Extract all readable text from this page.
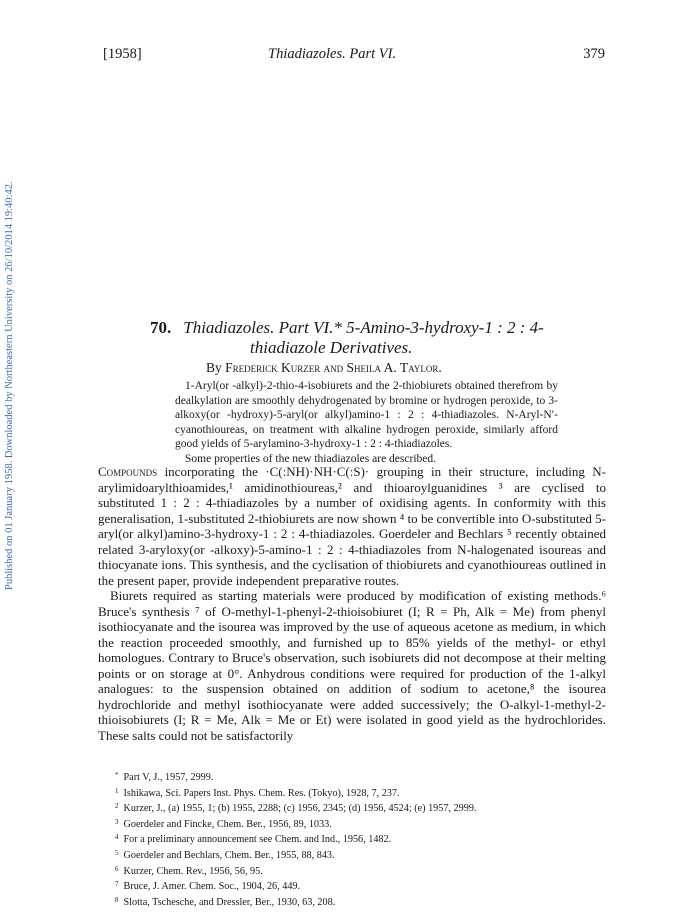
Published on 01 January 1958. Downloaded by Northeastern University on 26/10/2014 19:40:42.
[1958]	Thiadiazoles. Part VI.	379
70. Thiadiazoles. Part VI.* 5-Amino-3-hydroxy-1 : 2 : 4-
thiadiazole Derivatives.
By Frederick Kurzer and Sheila A. Taylor.

1-Aryl(or -alkyl)-2-thio-4-isobiurets and the 2-thiobiurets obtained therefrom by dealkylation are smoothly dehydrogenated by bromine or hydrogen peroxide, to 3-alkoxy(or -hydroxy)-5-aryl(or alkyl)amino-1 : 2 : 4-thiadiazoles. N-Aryl-N′-cyanothioureas, on treatment with alkaline hydrogen peroxide, similarly afford good yields of 5-arylamino-3-hydroxy-1 : 2 : 4-thiadiazoles.

Some properties of the new thiadiazoles are described.

Compounds incorporating the ·C(:NH)·NH·C(:S)· grouping in their structure, including N-arylimidoarylthioamides,¹ amidinothioureas,² and thioaroylguanidines ³ are cyclised to substituted 1 : 2 : 4-thiadiazoles by a number of oxidising agents. In conformity with this generalisation, 1-substituted 2-thiobiurets are now shown ⁴ to be convertible into O-substituted 5-aryl(or alkyl)amino-3-hydroxy-1 : 2 : 4-thiadiazoles. Goerdeler and Bechlars ⁵ recently obtained related 3-aryloxy(or -alkoxy)-5-amino-1 : 2 : 4-thiadiazoles from N-halogenated isoureas and thiocyanate ions. This synthesis, and the cyclisation of thiobiurets and cyanothioureas outlined in the present paper, provide independent preparative routes.

Biurets required as starting materials were produced by modification of existing methods.⁶ Bruce's synthesis ⁷ of O-methyl-1-phenyl-2-thioisobiuret (I; R = Ph, Alk = Me) from phenyl isothiocyanate and the isourea was improved by the use of aqueous acetone as medium, in which the reaction proceeded smoothly, and furnished up to 85% yields of the methyl- or ethyl homologues. Contrary to Bruce's observation, such isobiurets did not decompose at their melting points or on storage at 0°. Anhydrous conditions were required for production of the 1-alkyl analogues: to the suspension obtained on addition of sodium to acetone,⁸ the isourea hydrochloride and methyl isothiocyanate were added successively; the O-alkyl-1-methyl-2-thioisobiurets (I; R = Me, Alk = Me or Et) were isolated in good yield as the hydrochlorides. These salts could not be satisfactorily

* Part V, J., 1957, 2999.
$^1$ Ishikawa, Sci. Papers Inst. Phys. Chem. Res. (Tokyo), 1928, 7, 237.
$^2$ Kurzer, J., (a) 1955, 1; (b) 1955, 2288; (c) 1956, 2345; (d) 1956, 4524; (e) 1957, 2999.
$^3$ Goerdeler and Fincke, Chem. Ber., 1956, 89, 1033.
$^4$ For a preliminary announcement see Chem. and Ind., 1956, 1482.
$^5$ Goerdeler and Bechlars, Chem. Ber., 1955, 88, 843.
$^6$ Kurzer, Chem. Rev., 1956, 56, 95.
$^7$ Bruce, J. Amer. Chem. Soc., 1904, 26, 449.
$^8$ Slotta, Tschesche, and Dressler, Ber., 1930, 63, 208.
